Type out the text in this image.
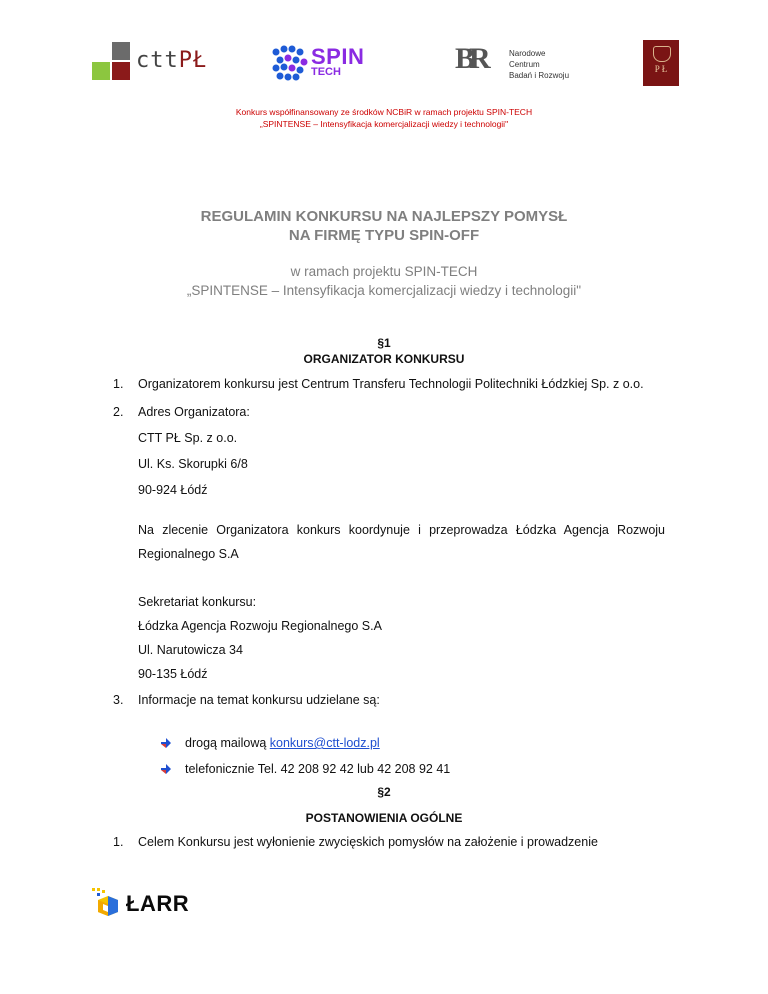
cttPŁ	SPIN
TECH	BR	Narodowe Centrum
Badań i Rozwoju
P Ł
Konkurs współfinansowany ze środków NCBiR w ramach projektu SPIN-TECH
„SPINTENSE – Intensyfikacja komercjalizacji wiedzy i technologii"
REGULAMIN KONKURSU NA NAJLEPSZY POMYSŁ
NA FIRMĘ TYPU SPIN-OFF
w ramach projektu SPIN-TECH
„SPINTENSE – Intensyfikacja komercjalizacji wiedzy i technologii"
§1
ORGANIZATOR KONKURSU
1. Organizatorem konkursu jest Centrum Transferu Technologii Politechniki Łódzkiej Sp. z o.o.
2. Adres Organizatora:
CTT PŁ Sp. z o.o.
Ul. Ks. Skorupki 6/8
90-924 Łódź
Na zlecenie Organizatora konkurs koordynuje i przeprowadza Łódzka Agencja Rozwoju
Regionalnego S.A
Sekretariat konkursu:
Łódzka Agencja Rozwoju Regionalnego S.A
Ul. Narutowicza 34
90-135 Łódź
3. Informacje na temat konkursu udzielane są:
drogą mailową konkurs@ctt-lodz.pl
telefonicznie Tel. 42 208 92 42 lub 42 208 92 41
§2
POSTANOWIENIA OGÓLNE
1. Celem Konkursu jest wyłonienie zwycięskich pomysłów na założenie i prowadzenie
ŁARR
